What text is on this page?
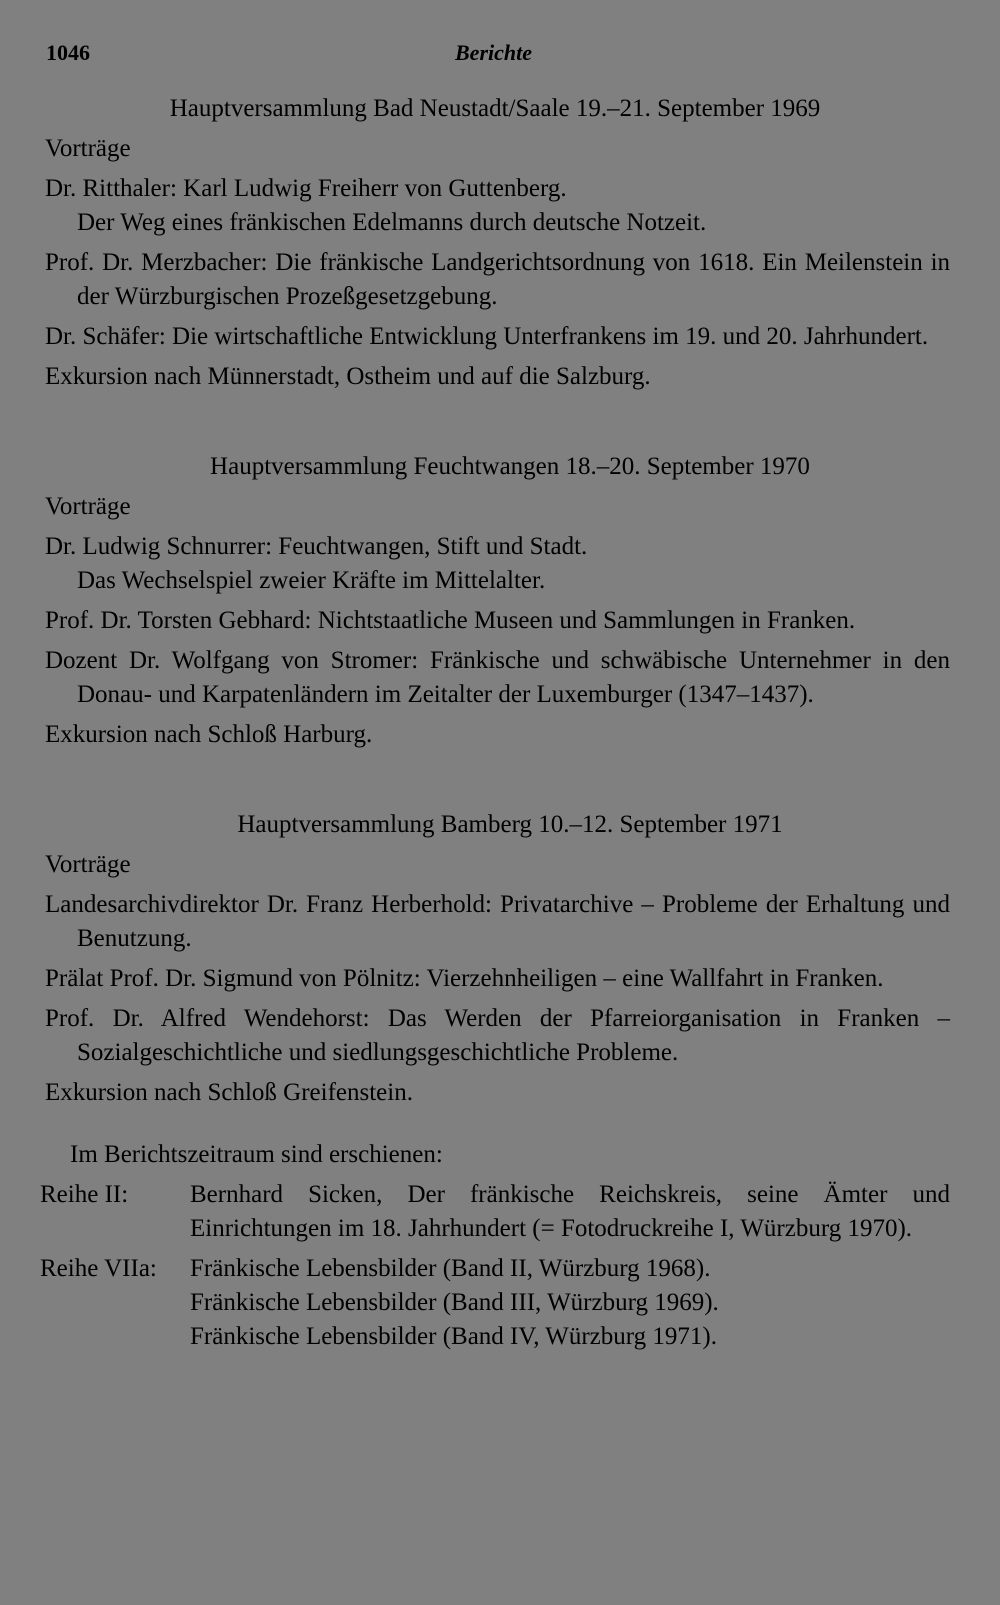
1046	Berichte
Hauptversammlung Bad Neustadt/Saale 19.–21. September 1969
Vorträge
Dr. Ritthaler: Karl Ludwig Freiherr von Guttenberg.
Der Weg eines fränkischen Edelmanns durch deutsche Notzeit.
Prof. Dr. Merzbacher: Die fränkische Landgerichtsordnung von 1618. Ein Meilenstein in der Würzburgischen Prozeßgesetzgebung.
Dr. Schäfer: Die wirtschaftliche Entwicklung Unterfrankens im 19. und 20. Jahrhundert.
Exkursion nach Münnerstadt, Ostheim und auf die Salzburg.
Hauptversammlung Feuchtwangen 18.–20. September 1970
Vorträge
Dr. Ludwig Schnurrer: Feuchtwangen, Stift und Stadt.
Das Wechselspiel zweier Kräfte im Mittelalter.
Prof. Dr. Torsten Gebhard: Nichtstaatliche Museen und Sammlungen in Franken.
Dozent Dr. Wolfgang von Stromer: Fränkische und schwäbische Unternehmer in den Donau- und Karpatenländern im Zeitalter der Luxemburger (1347–1437).
Exkursion nach Schloß Harburg.
Hauptversammlung Bamberg 10.–12. September 1971
Vorträge
Landesarchivdirektor Dr. Franz Herberhold: Privatarchive – Probleme der Erhaltung und Benutzung.
Prälat Prof. Dr. Sigmund von Pölnitz: Vierzehnheiligen – eine Wallfahrt in Franken.
Prof. Dr. Alfred Wendehorst: Das Werden der Pfarreiorganisation in Franken – Sozialgeschichtliche und siedlungsgeschichtliche Probleme.
Exkursion nach Schloß Greifenstein.
Im Berichtszeitraum sind erschienen:
Reihe II:	Bernhard Sicken, Der fränkische Reichskreis, seine Ämter und Einrichtungen im 18. Jahrhundert (= Fotodruckreihe I, Würzburg 1970).
Reihe VIIa:	Fränkische Lebensbilder (Band II, Würzburg 1968).
Fränkische Lebensbilder (Band III, Würzburg 1969).
Fränkische Lebensbilder (Band IV, Würzburg 1971).
